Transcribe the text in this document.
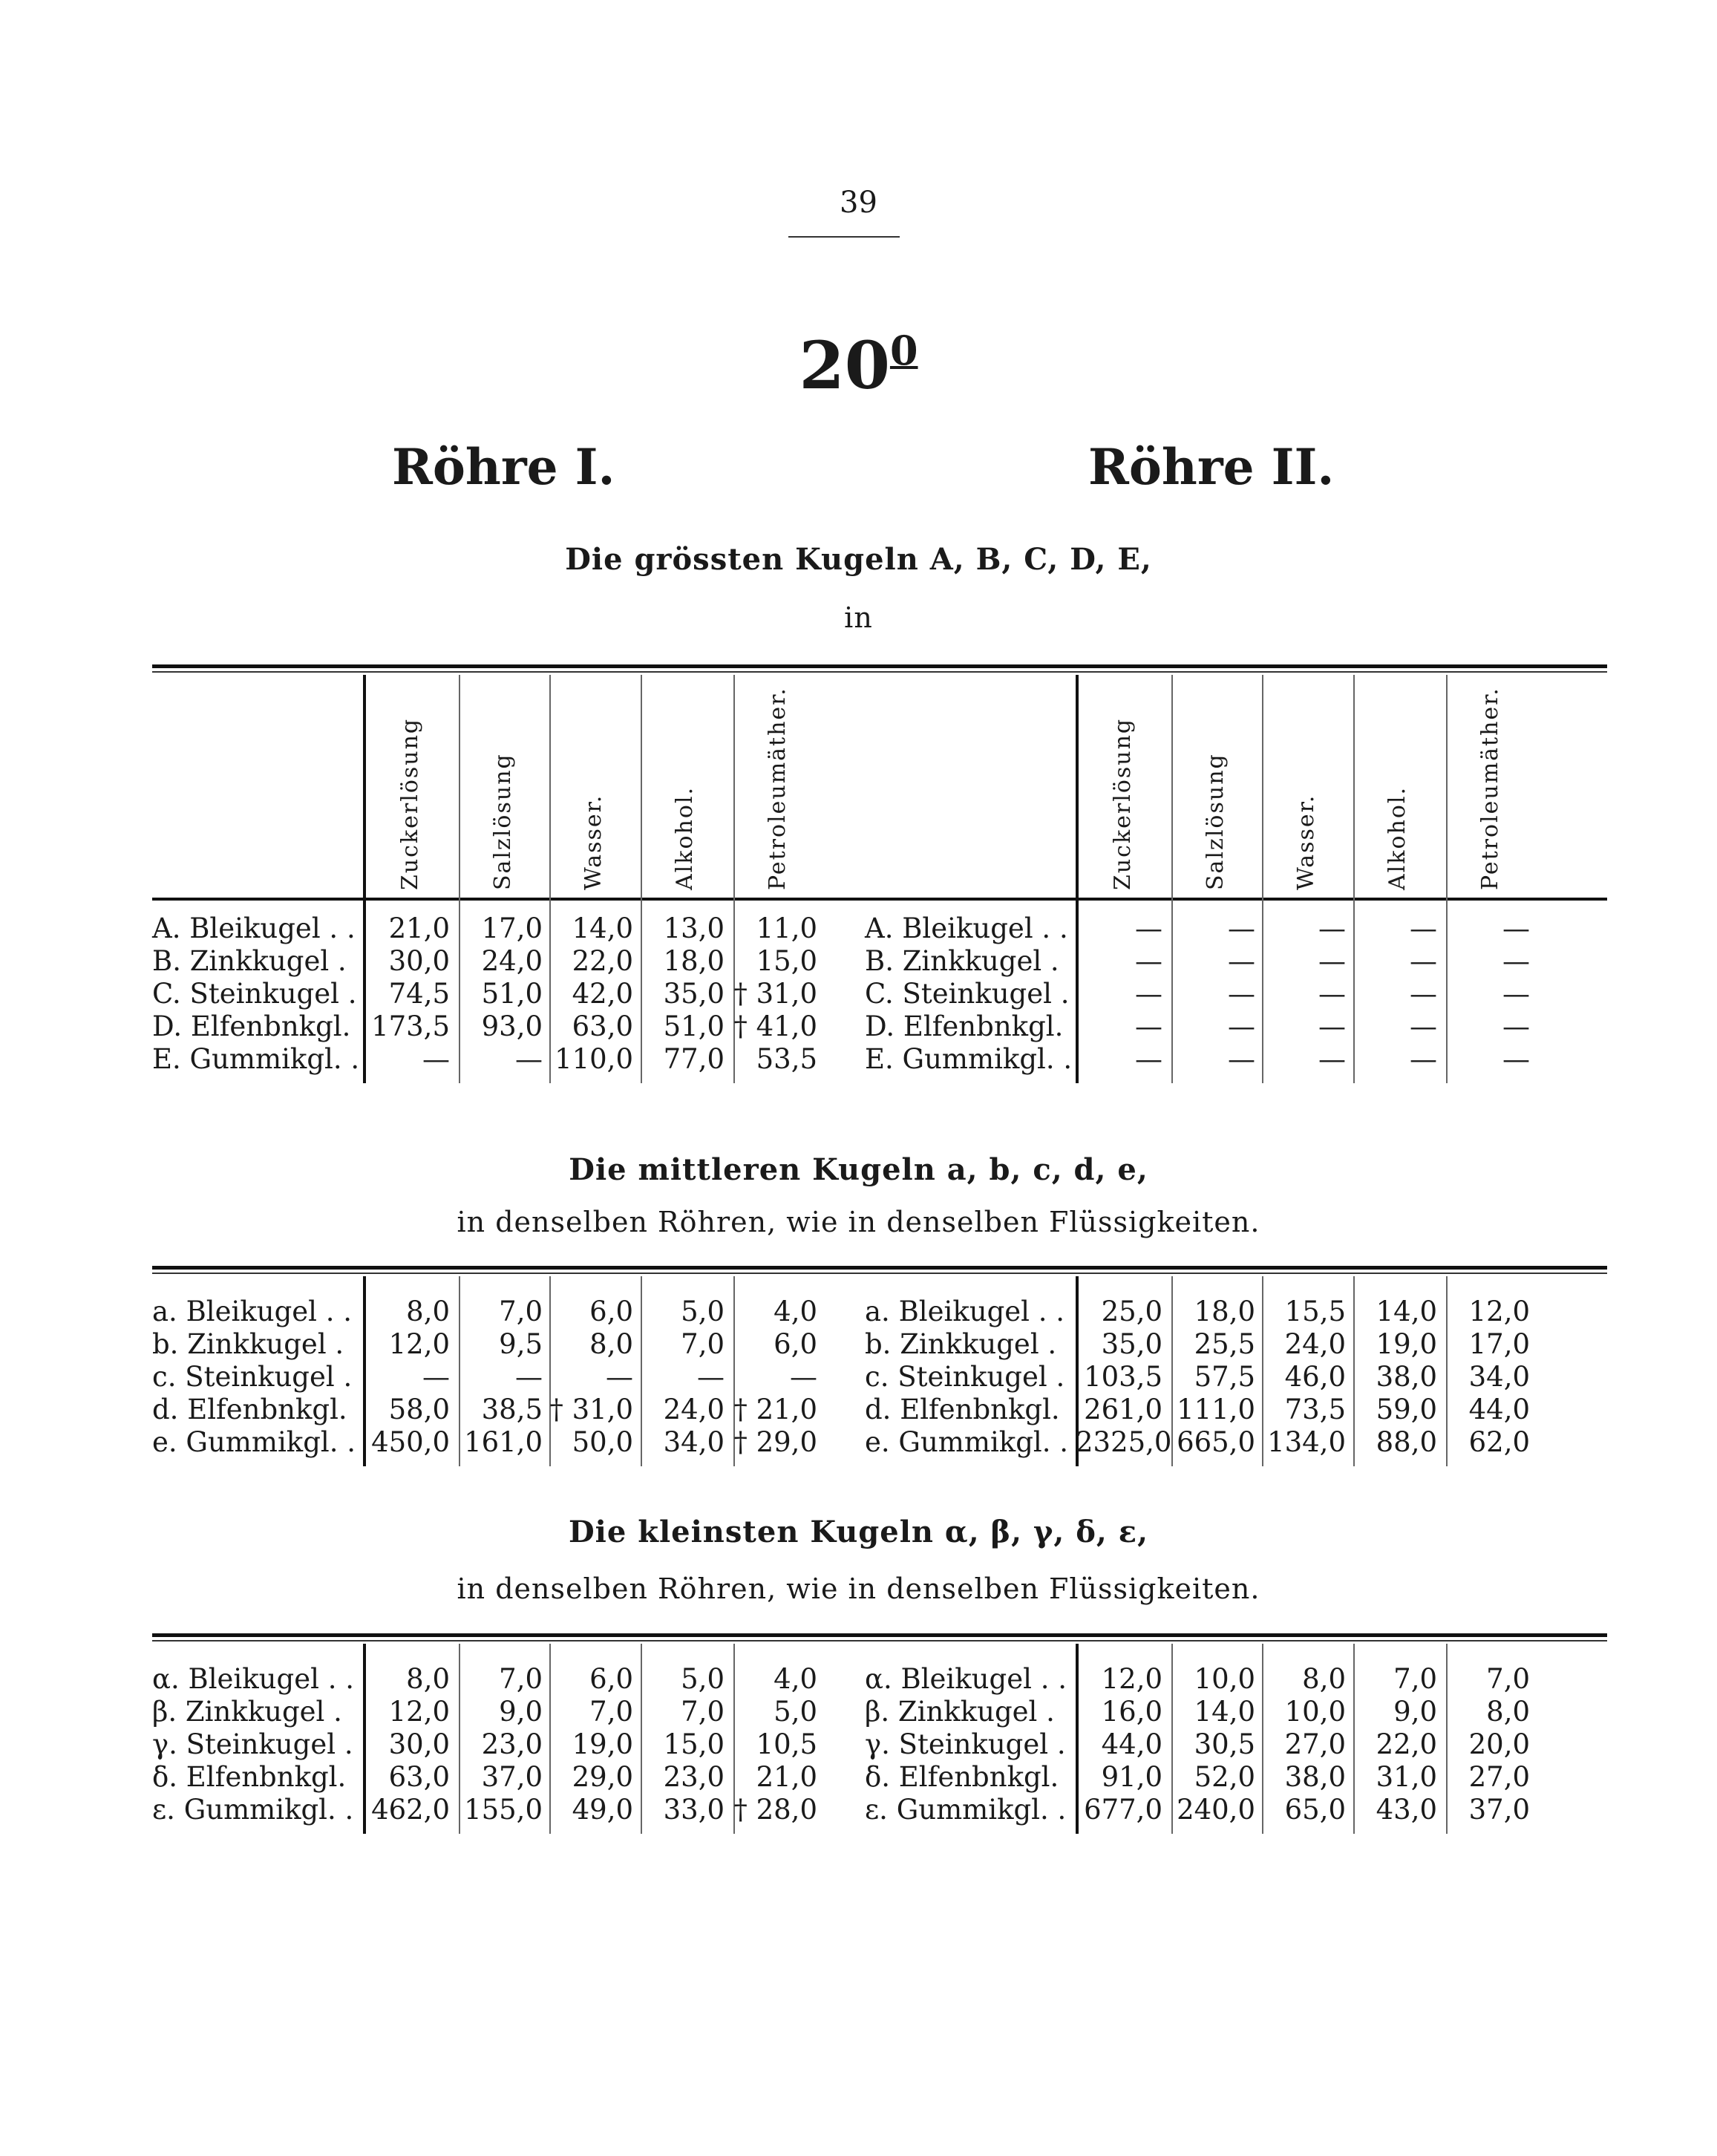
39
$20^0$
Röhre I.	Röhre II.
Die grössten Kugeln A, B, C, D, E,
in
Die mittleren Kugeln a, b, c, d, e,
in denselben Röhren, wie in denselben Flüssigkeiten.
Die kleinsten Kugeln α, β, γ, δ, ε,
in denselben Röhren, wie in denselben Flüssigkeiten.
Zuckerlösung	Salzlösung	Wasser.	Alkohol.	Petroleumäther.
A. Bleikugel . .	21,0	17,0	14,0	13,0	11,0
B. Zinkkugel .	30,0	24,0	22,0	18,0	15,0
C. Steinkugel .	74,5	51,0	42,0	35,0 † 31,0
D. Elfenbnkgl. 173,5	93,0	63,0	51,0 † 41,0
E. Gummikgl. .	—	— 110,0	77,0	53,5
Zuckerlösung	Salzlösung	Wasser.	Alkohol.	Petroleumäther.
A. Bleikugel . .	—	—	—	—	—
B. Zinkkugel .	—	—	—	—	—
C. Steinkugel .	—	—	—	—	—
D. Elfenbnkgl.	—	—	—	—	—
E. Gummikgl. .	—	—	—	—	—
a. Bleikugel . .	8,0	7,0	6,0	5,0	4,0
b. Zinkkugel .	12,0	9,5	8,0	7,0	6,0
c. Steinkugel .	—	—	—	—	—
d. Elfenbnkgl.	58,0	38,5 † 31,0	24,0 † 21,0
e. Gummikgl. . 450,0 161,0	50,0	34,0 † 29,0
a. Bleikugel . .	25,0	18,0	15,5	14,0	12,0
b. Zinkkugel .	35,0	25,5	24,0	19,0	17,0
c. Steinkugel . 103,5	57,5	46,0	38,0	34,0
d. Elfenbnkgl. 261,0 111,0	73,5	59,0	44,0
e. Gummikgl. . 2325,0 665,0 134,0	88,0	62,0
α. Bleikugel . .	8,0	7,0	6,0	5,0	4,0
β. Zinkkugel .	12,0	9,0	7,0	7,0	5,0
γ. Steinkugel .	30,0	23,0	19,0	15,0	10,5
δ. Elfenbnkgl.	63,0	37,0	29,0	23,0	21,0
ε. Gummikgl. . 462,0 155,0	49,0	33,0 † 28,0
α. Bleikugel . .	12,0	10,0	8,0	7,0	7,0
β. Zinkkugel .	16,0	14,0	10,0	9,0	8,0
γ. Steinkugel .	44,0	30,5	27,0	22,0	20,0
δ. Elfenbnkgl.	91,0	52,0	38,0	31,0	27,0
ε. Gummikgl. . 677,0 240,0	65,0	43,0	37,0
